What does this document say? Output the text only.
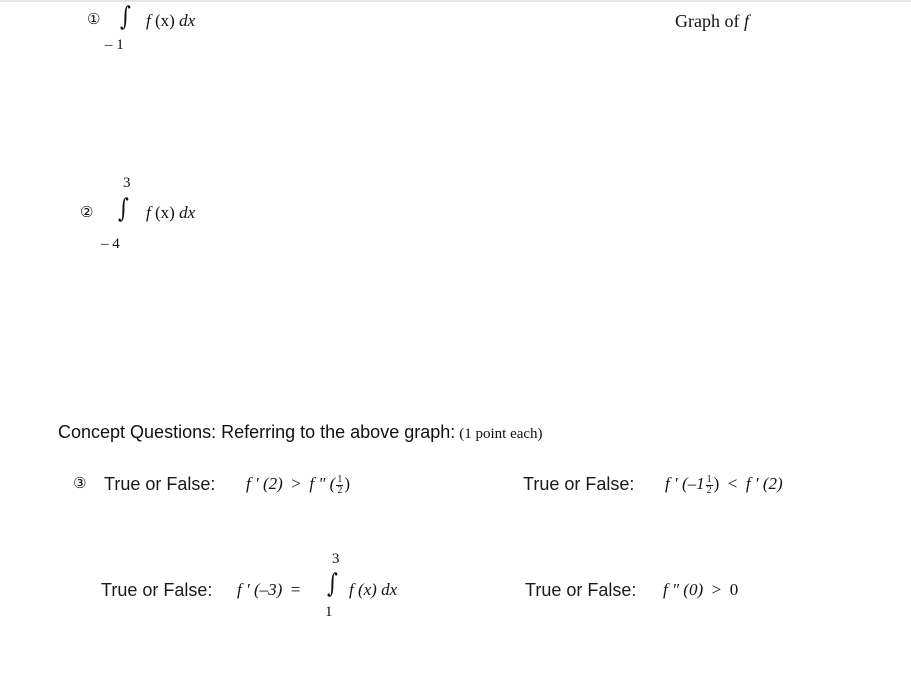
① ∫
– 1
f (x) dx	Graph of f
②
3
∫
– 4
f (x) dx
Concept Questions: Referring to the above graph: (1 point each)
③ True or False: f ′ (2) > f ″ ( $\frac{1}{2}$ )	True or False: f ′ ($-1 \frac{1}{2}$ ) < f ′ (2)
True or False: f ′ (–3) =
3
∫
1
f (x) dx	True or False: f ″ (0) > 0
